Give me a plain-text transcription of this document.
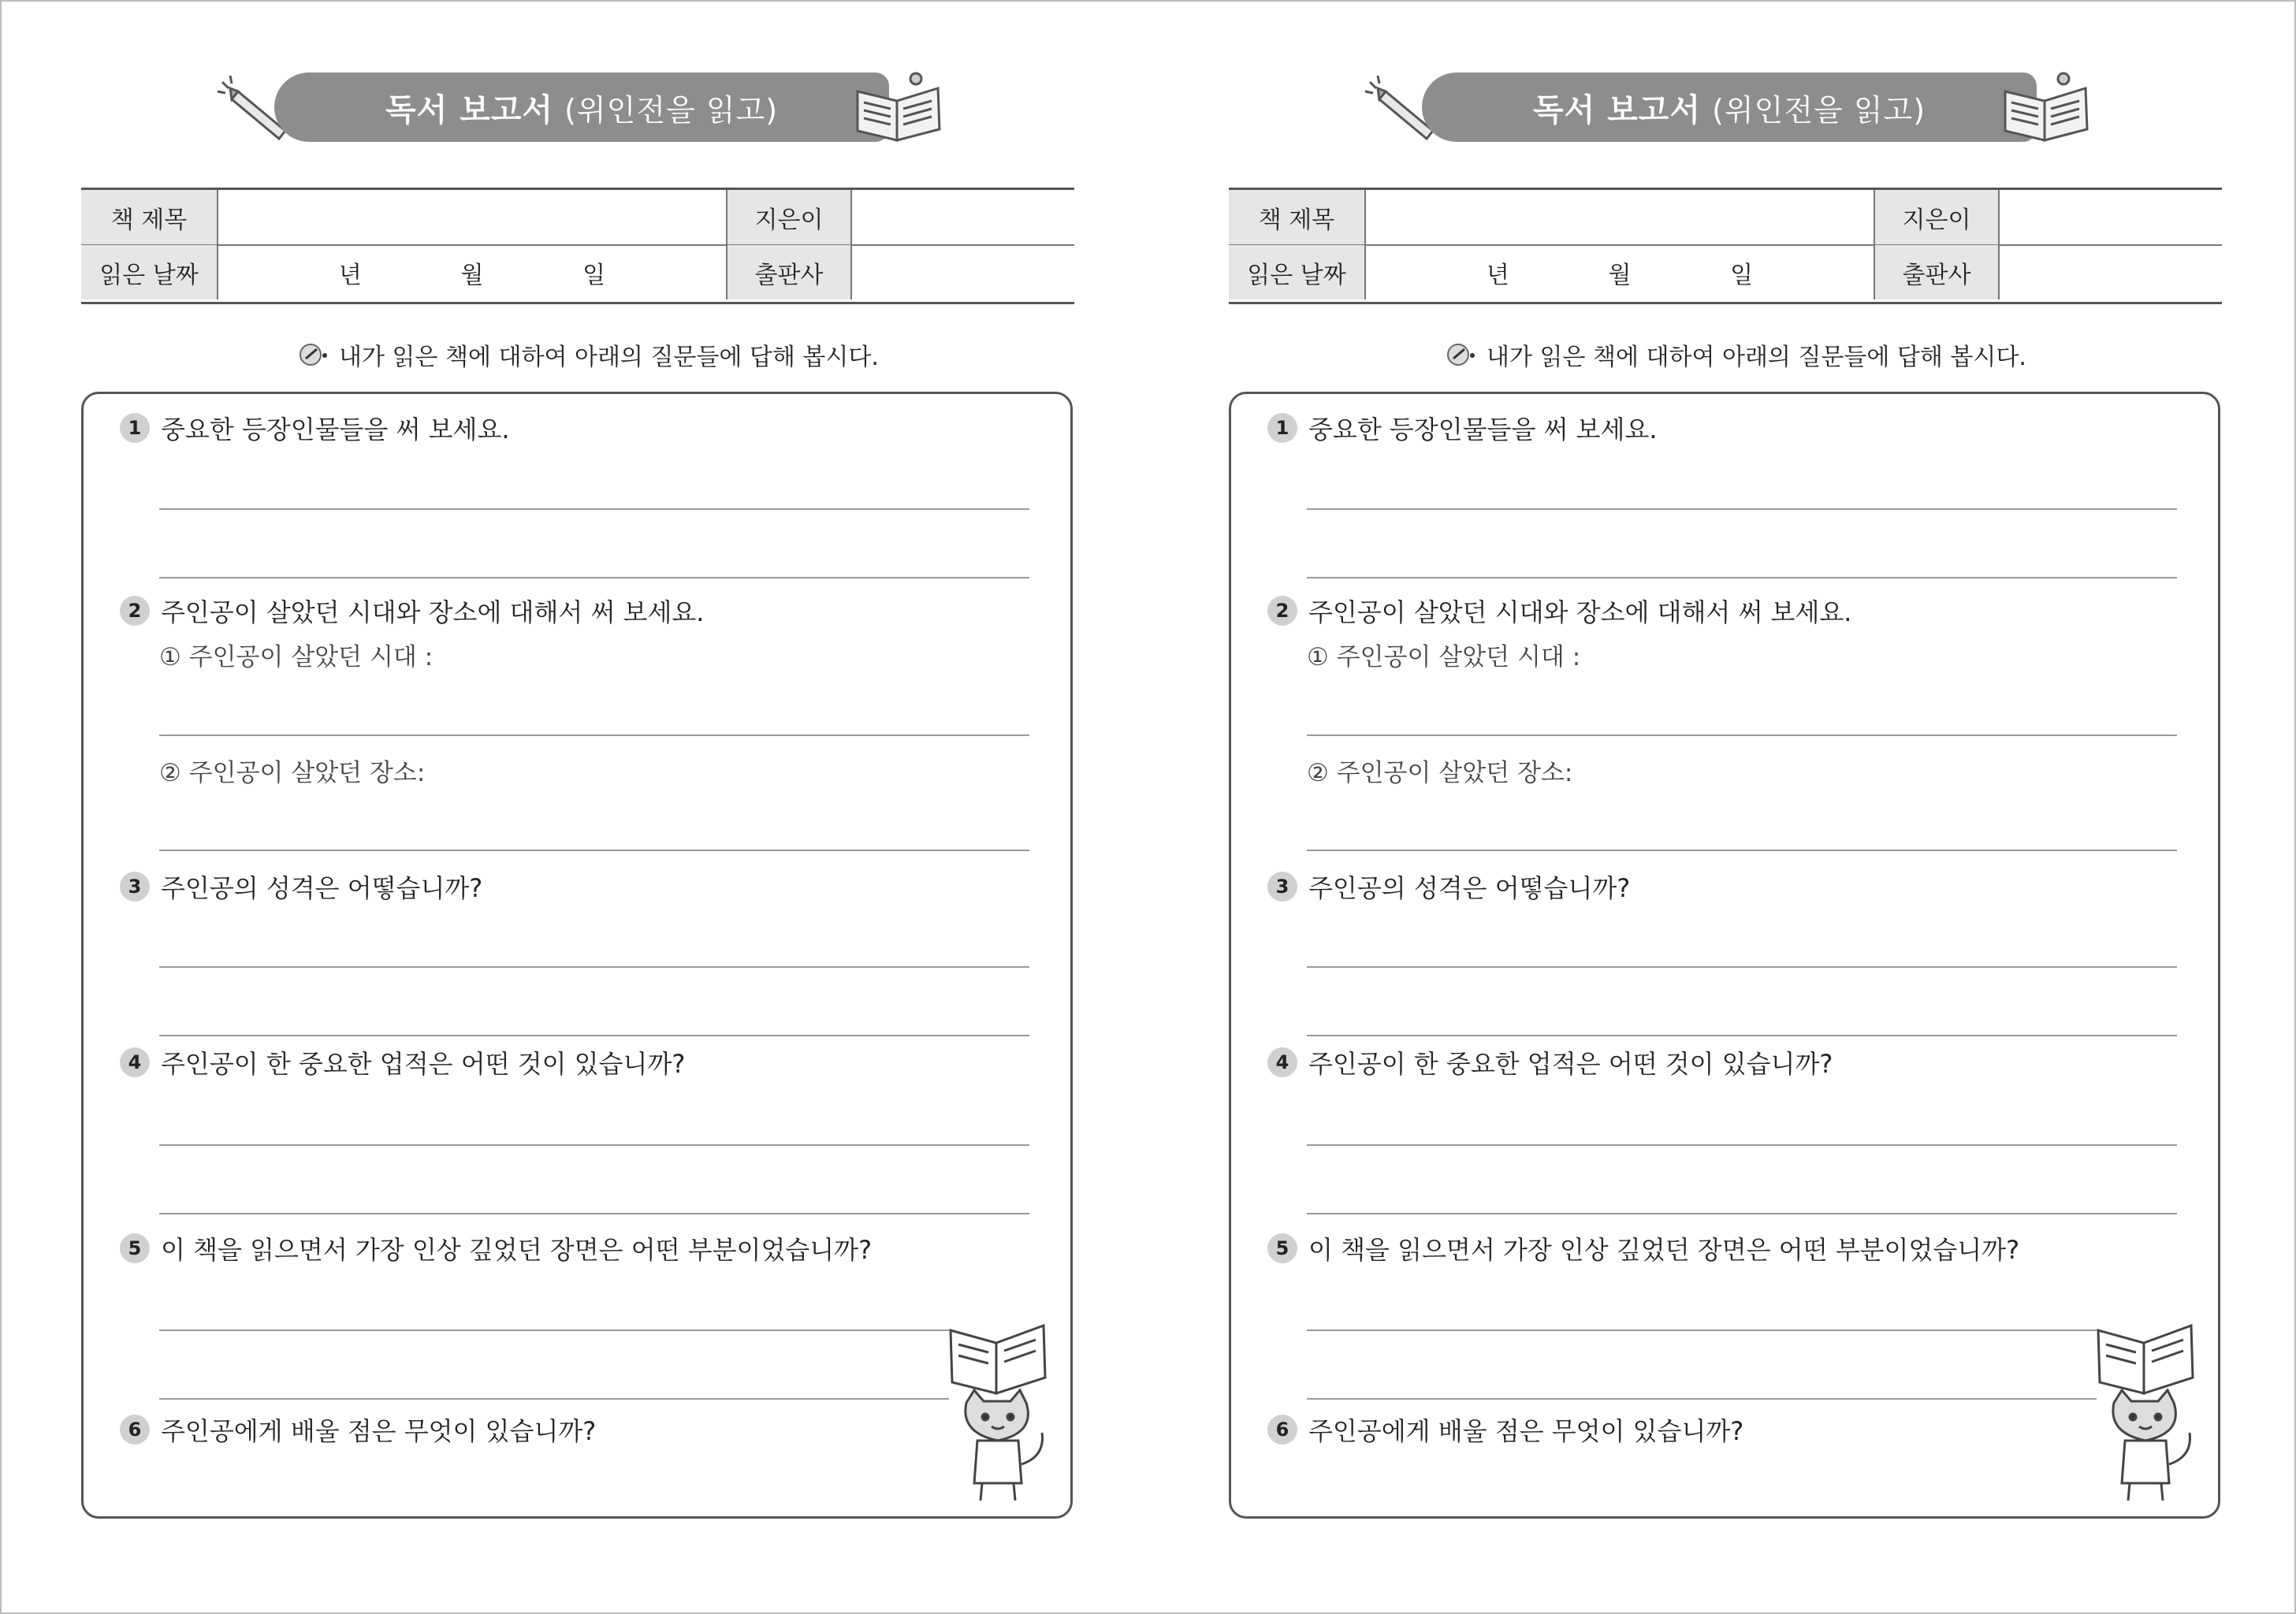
독서 보고서 (위인전을 읽고)
책 제목	지은이
읽은 날짜	년	월	일	출판사
내가 읽은 책에 대하여 아래의 질문들에 답해 봅시다.
1 중요한 등장인물들을 써 보세요.
2 주인공이 살았던 시대와 장소에 대해서 써 보세요.
① 주인공이 살았던 시대 :
② 주인공이 살았던 장소:
3 주인공의 성격은 어떻습니까?
4 주인공이 한 중요한 업적은 어떤 것이 있습니까?
5 이 책을 읽으면서 가장 인상 깊었던 장면은 어떤 부분이었습니까?
6 주인공에게 배울 점은 무엇이 있습니까?
독서 보고서 (위인전을 읽고)
책 제목	지은이
읽은 날짜	년	월	일	출판사
내가 읽은 책에 대하여 아래의 질문들에 답해 봅시다.
1 중요한 등장인물들을 써 보세요.
2 주인공이 살았던 시대와 장소에 대해서 써 보세요.
① 주인공이 살았던 시대 :
② 주인공이 살았던 장소:
3 주인공의 성격은 어떻습니까?
4 주인공이 한 중요한 업적은 어떤 것이 있습니까?
5 이 책을 읽으면서 가장 인상 깊었던 장면은 어떤 부분이었습니까?
6 주인공에게 배울 점은 무엇이 있습니까?
